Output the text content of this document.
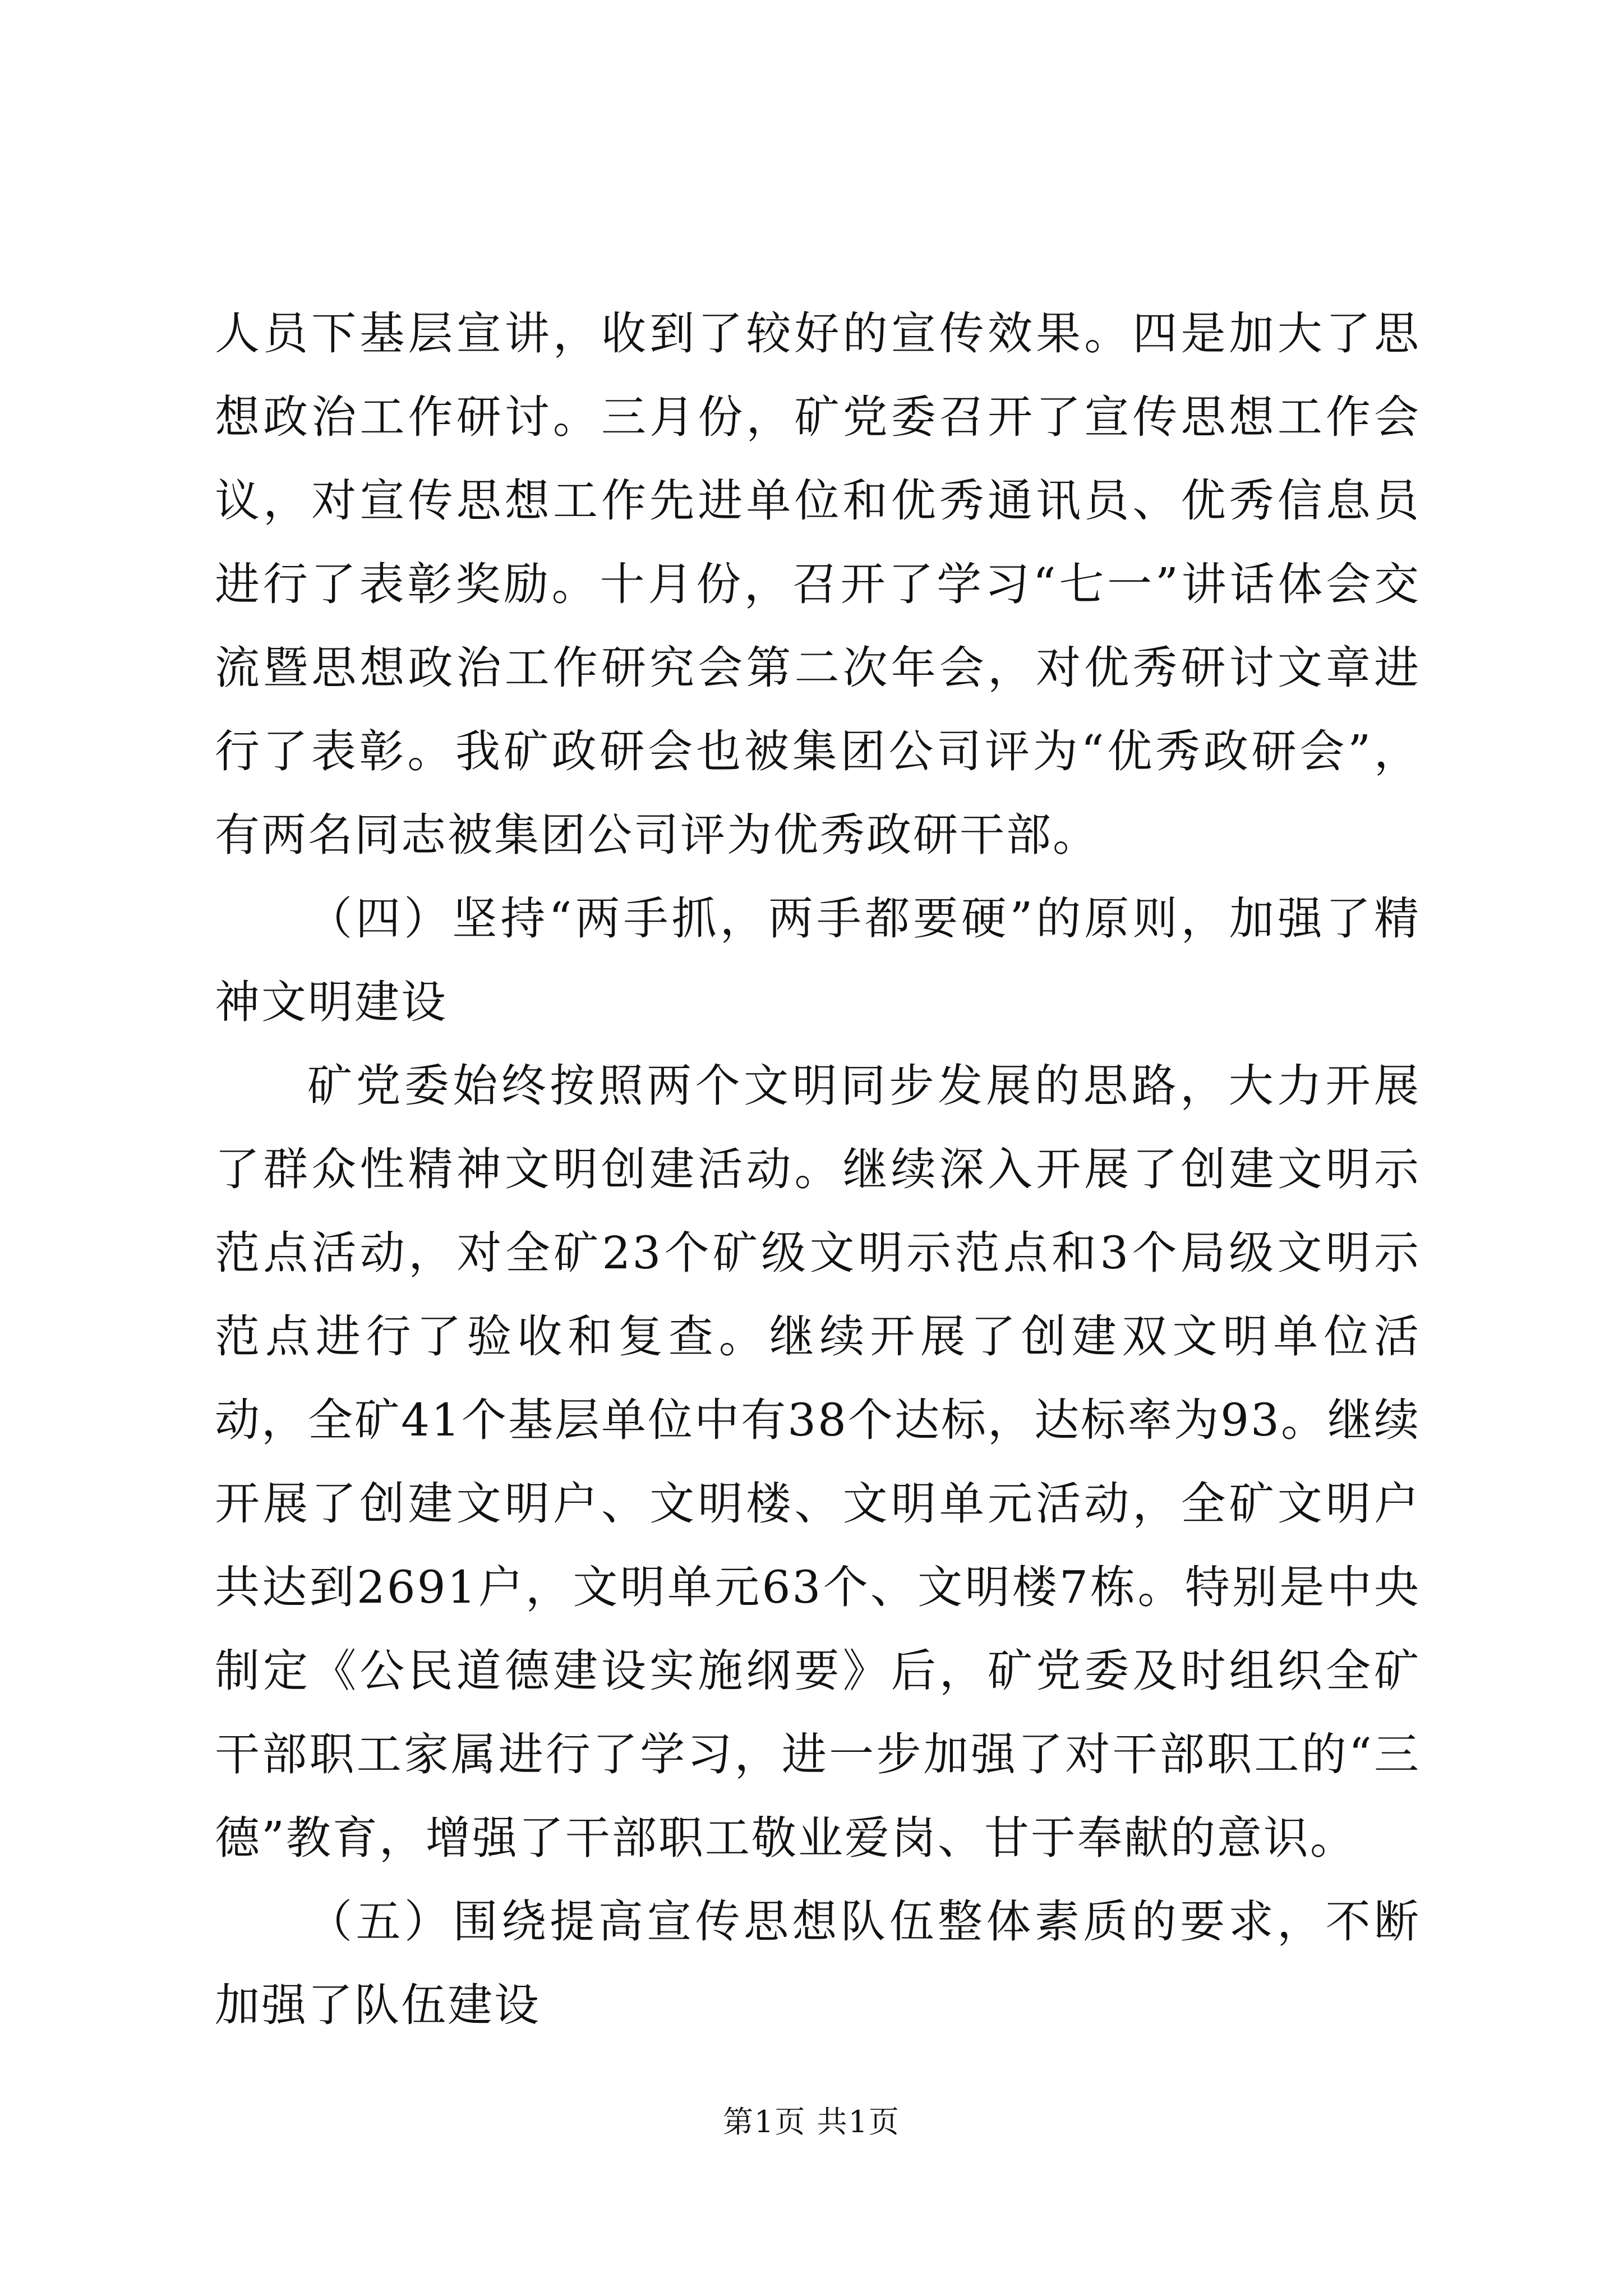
人员下基层宣讲，收到了较好的宣传效果。四是加大了思想政治工作研讨。三月份，矿党委召开了宣传思想工作会议，对宣传思想工作先进单位和优秀通讯员、优秀信息员进行了表彰奖励。十月份，召开了学习“七一”讲话体会交流暨思想政治工作研究会第二次年会，对优秀研讨文章进行了表彰。我矿政研会也被集团公司评为“优秀政研会”，有两名同志被集团公司评为优秀政研干部。

（四）坚持“两手抓，两手都要硬”的原则，加强了精神文明建设

矿党委始终按照两个文明同步发展的思路，大力开展了群众性精神文明创建活动。继续深入开展了创建文明示范点活动，对全矿23个矿级文明示范点和3个局级文明示范点进行了验收和复查。继续开展了创建双文明单位活动，全矿41个基层单位中有38个达标，达标率为93。继续开展了创建文明户、文明楼、文明单元活动，全矿文明户共达到2691户，文明单元63个、文明楼7栋。特别是中央制定《公民道德建设实施纲要》后，矿党委及时组织全矿干部职工家属进行了学习，进一步加强了对干部职工的“三德”教育，增强了干部职工敬业爱岗、甘于奉献的意识。

（五）围绕提高宣传思想队伍整体素质的要求，不断加强了队伍建设

第1页 共1页
